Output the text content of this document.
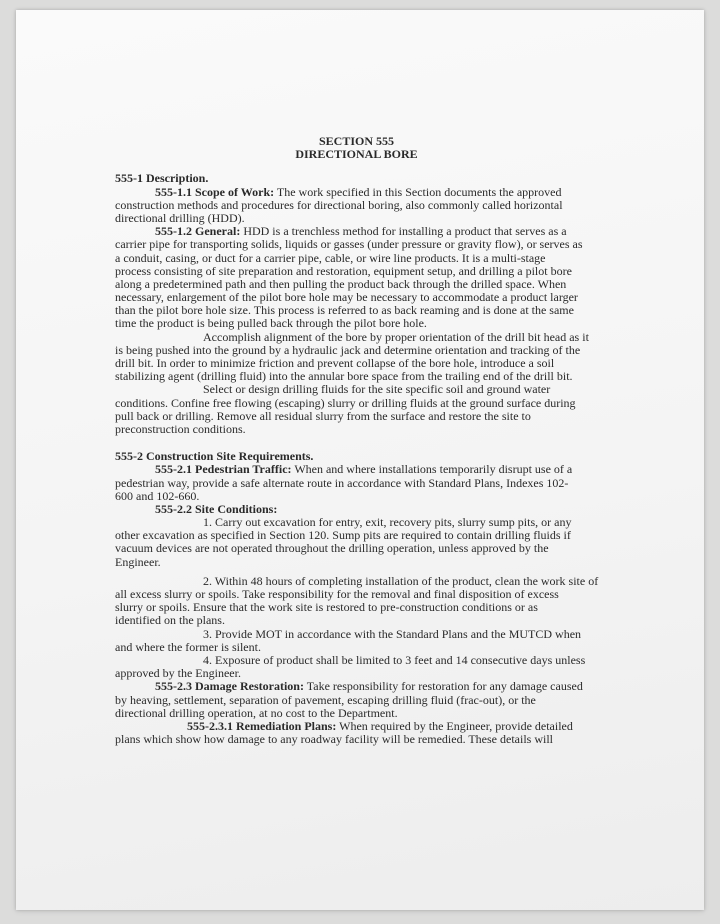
SECTION 555
DIRECTIONAL BORE
555-1 Description.
555-1.1 Scope of Work: The work specified in this Section documents the approved
construction methods and procedures for directional boring, also commonly called horizontal
directional drilling (HDD).
555-1.2 General: HDD is a trenchless method for installing a product that serves as a
carrier pipe for transporting solids, liquids or gasses (under pressure or gravity flow), or serves as
a conduit, casing, or duct for a carrier pipe, cable, or wire line products. It is a multi-stage
process consisting of site preparation and restoration, equipment setup, and drilling a pilot bore
along a predetermined path and then pulling the product back through the drilled space. When
necessary, enlargement of the pilot bore hole may be necessary to accommodate a product larger
than the pilot bore hole size. This process is referred to as back reaming and is done at the same
time the product is being pulled back through the pilot bore hole.
Accomplish alignment of the bore by proper orientation of the drill bit head as it
is being pushed into the ground by a hydraulic jack and determine orientation and tracking of the
drill bit. In order to minimize friction and prevent collapse of the bore hole, introduce a soil
stabilizing agent (drilling fluid) into the annular bore space from the trailing end of the drill bit.
Select or design drilling fluids for the site specific soil and ground water
conditions. Confine free flowing (escaping) slurry or drilling fluids at the ground surface during
pull back or drilling. Remove all residual slurry from the surface and restore the site to
preconstruction conditions.
555-2 Construction Site Requirements.
555-2.1 Pedestrian Traffic: When and where installations temporarily disrupt use of a
pedestrian way, provide a safe alternate route in accordance with Standard Plans, Indexes 102-
600 and 102-660.
555-2.2 Site Conditions:
1. Carry out excavation for entry, exit, recovery pits, slurry sump pits, or any
other excavation as specified in Section 120. Sump pits are required to contain drilling fluids if
vacuum devices are not operated throughout the drilling operation, unless approved by the
Engineer.
2. Within 48 hours of completing installation of the product, clean the work site of
all excess slurry or spoils. Take responsibility for the removal and final disposition of excess
slurry or spoils. Ensure that the work site is restored to pre-construction conditions or as
identified on the plans.
3. Provide MOT in accordance with the Standard Plans and the MUTCD when
and where the former is silent.
4. Exposure of product shall be limited to 3 feet and 14 consecutive days unless
approved by the Engineer.
555-2.3 Damage Restoration: Take responsibility for restoration for any damage caused
by heaving, settlement, separation of pavement, escaping drilling fluid (frac-out), or the
directional drilling operation, at no cost to the Department.
555-2.3.1 Remediation Plans: When required by the Engineer, provide detailed
plans which show how damage to any roadway facility will be remedied. These details will
